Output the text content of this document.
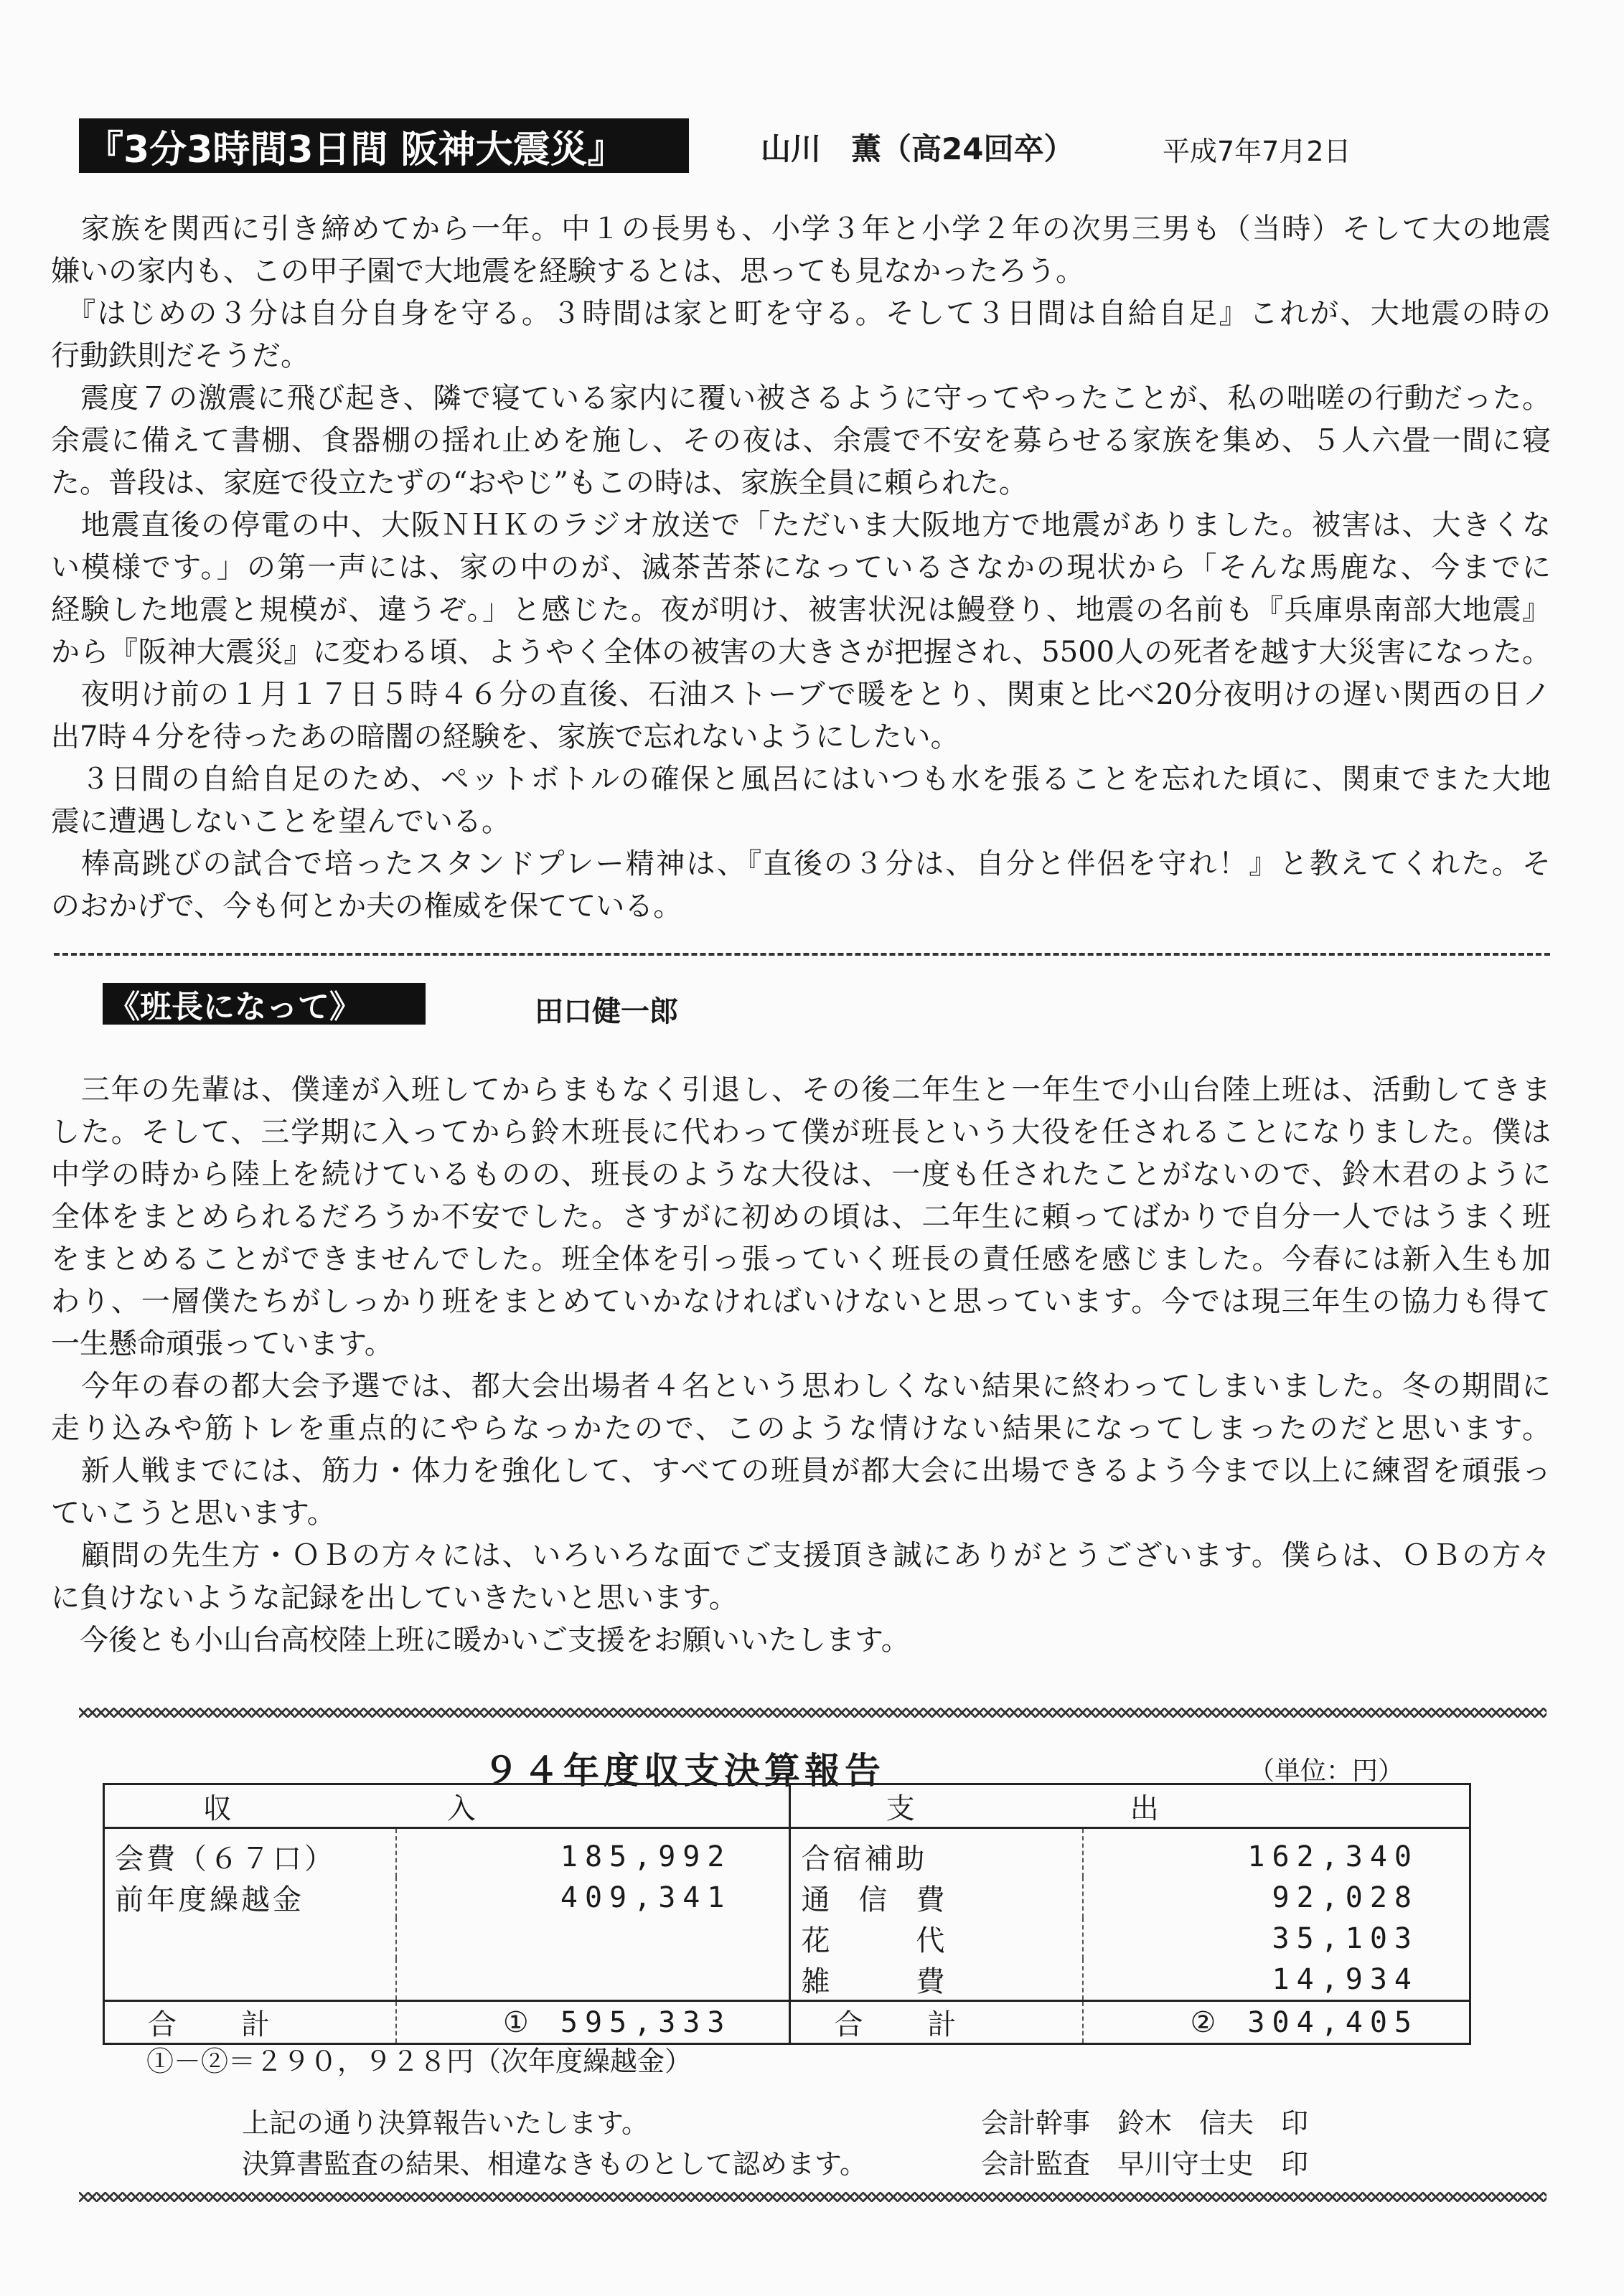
『3分3時間3日間 阪神大震災』	山川　薫（高24回卒）	平成7年7月2日
　家族を関西に引き締めてから一年。中１の長男も、小学３年と小学２年の次男三男も（当時）そして大の地震
嫌いの家内も、この甲子園で大地震を経験するとは、思っても見なかったろう。
　『はじめの３分は自分自身を守る。３時間は家と町を守る。そして３日間は自給自足』これが、大地震の時の
行動鉄則だそうだ。
　震度７の激震に飛び起き、隣で寝ている家内に覆い被さるように守ってやったことが、私の咄嗟の行動だった。
余震に備えて書棚、食器棚の揺れ止めを施し、その夜は、余震で不安を募らせる家族を集め、５人六畳一間に寝
た。普段は、家庭で役立たずの“おやじ”もこの時は、家族全員に頼られた。
　地震直後の停電の中、大阪ＮＨＫのラジオ放送で「ただいま大阪地方で地震がありました。被害は、大きくな
い模様です。」の第一声には、家の中のが、滅茶苦茶になっているさなかの現状から「そんな馬鹿な、今までに
経験した地震と規模が、違うぞ。」と感じた。夜が明け、被害状況は鰻登り、地震の名前も『兵庫県南部大地震』
から『阪神大震災』に変わる頃、ようやく全体の被害の大きさが把握され、5500人の死者を越す大災害になった。
　夜明け前の１月１７日５時４６分の直後、石油ストーブで暖をとり、関東と比べ20分夜明けの遅い関西の日ノ
出7時４分を待ったあの暗闇の経験を、家族で忘れないようにしたい。
　３日間の自給自足のため、ペットボトルの確保と風呂にはいつも水を張ることを忘れた頃に、関東でまた大地
震に遭遇しないことを望んでいる。
　棒高跳びの試合で培ったスタンドプレー精神は、『直後の３分は、自分と伴侶を守れ！』と教えてくれた。そ
のおかげで、今も何とか夫の権威を保てている。
《班長になって》	田口健一郎
　三年の先輩は、僕達が入班してからまもなく引退し、その後二年生と一年生で小山台陸上班は、活動してきま
した。そして、三学期に入ってから鈴木班長に代わって僕が班長という大役を任されることになりました。僕は
中学の時から陸上を続けているものの、班長のような大役は、一度も任されたことがないので、鈴木君のように
全体をまとめられるだろうか不安でした。さすがに初めの頃は、二年生に頼ってばかりで自分一人ではうまく班
をまとめることができませんでした。班全体を引っ張っていく班長の責任感を感じました。今春には新入生も加
わり、一層僕たちがしっかり班をまとめていかなければいけないと思っています。今では現三年生の協力も得て
一生懸命頑張っています。
　今年の春の都大会予選では、都大会出場者４名という思わしくない結果に終わってしまいました。冬の期間に
走り込みや筋トレを重点的にやらなっかたので、このような情けない結果になってしまったのだと思います。
　新人戦までには、筋力・体力を強化して、すべての班員が都大会に出場できるよう今まで以上に練習を頑張っ
ていこうと思います。
　顧問の先生方・ＯＢの方々には、いろいろな面でご支援頂き誠にありがとうございます。僕らは、ＯＢの方々
に負けないような記録を出していきたいと思います。
　今後とも小山台高校陸上班に暖かいご支援をお願いいたします。
９４年度収支決算報告	（単位：円）
収入		支出	
会費（６７口）	185,992	合宿補助	162,340
前年度繰越金	409,341	通信費	92,028
		花代	35,103
		雑費	14,934
合計	① 595,333	合計	② 304,405
①－②＝２９０，９２８円（次年度繰越金）
上記の通り決算報告いたします。
決算書監査の結果、相違なきものとして認めます。
会計幹事　鈴木　信夫　印
会計監査　早川守士史　印
